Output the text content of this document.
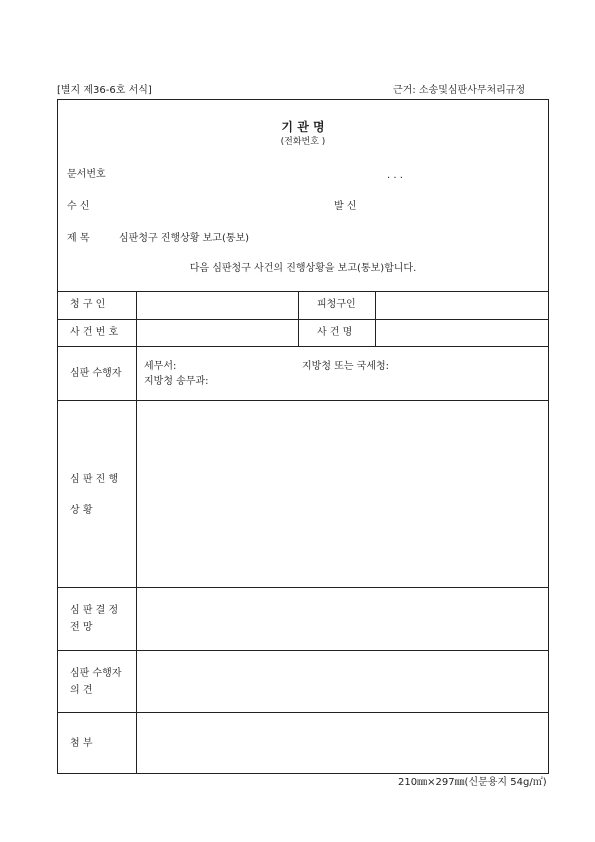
[별지 제36-6호 서식]	근거: 소송및심판사무처리규정
기 관 명
(전화번호 )
문서번호	. . .
수 신	발 신
제 목	심판청구 진행상황 보고(통보)
다음 심판청구 사건의 진행상황을 보고(통보)합니다.
청 구 인	피청구인
사 건 번 호	사 건 명
심판 수행자
세무서:	지방청 또는 국세청:
지방청 송무과:
심 판 진 행
상 황
심 판 결 정
전 망
심판 수행자
의 견
첨 부
210㎜×297㎜(신문용지 54g/㎡)
